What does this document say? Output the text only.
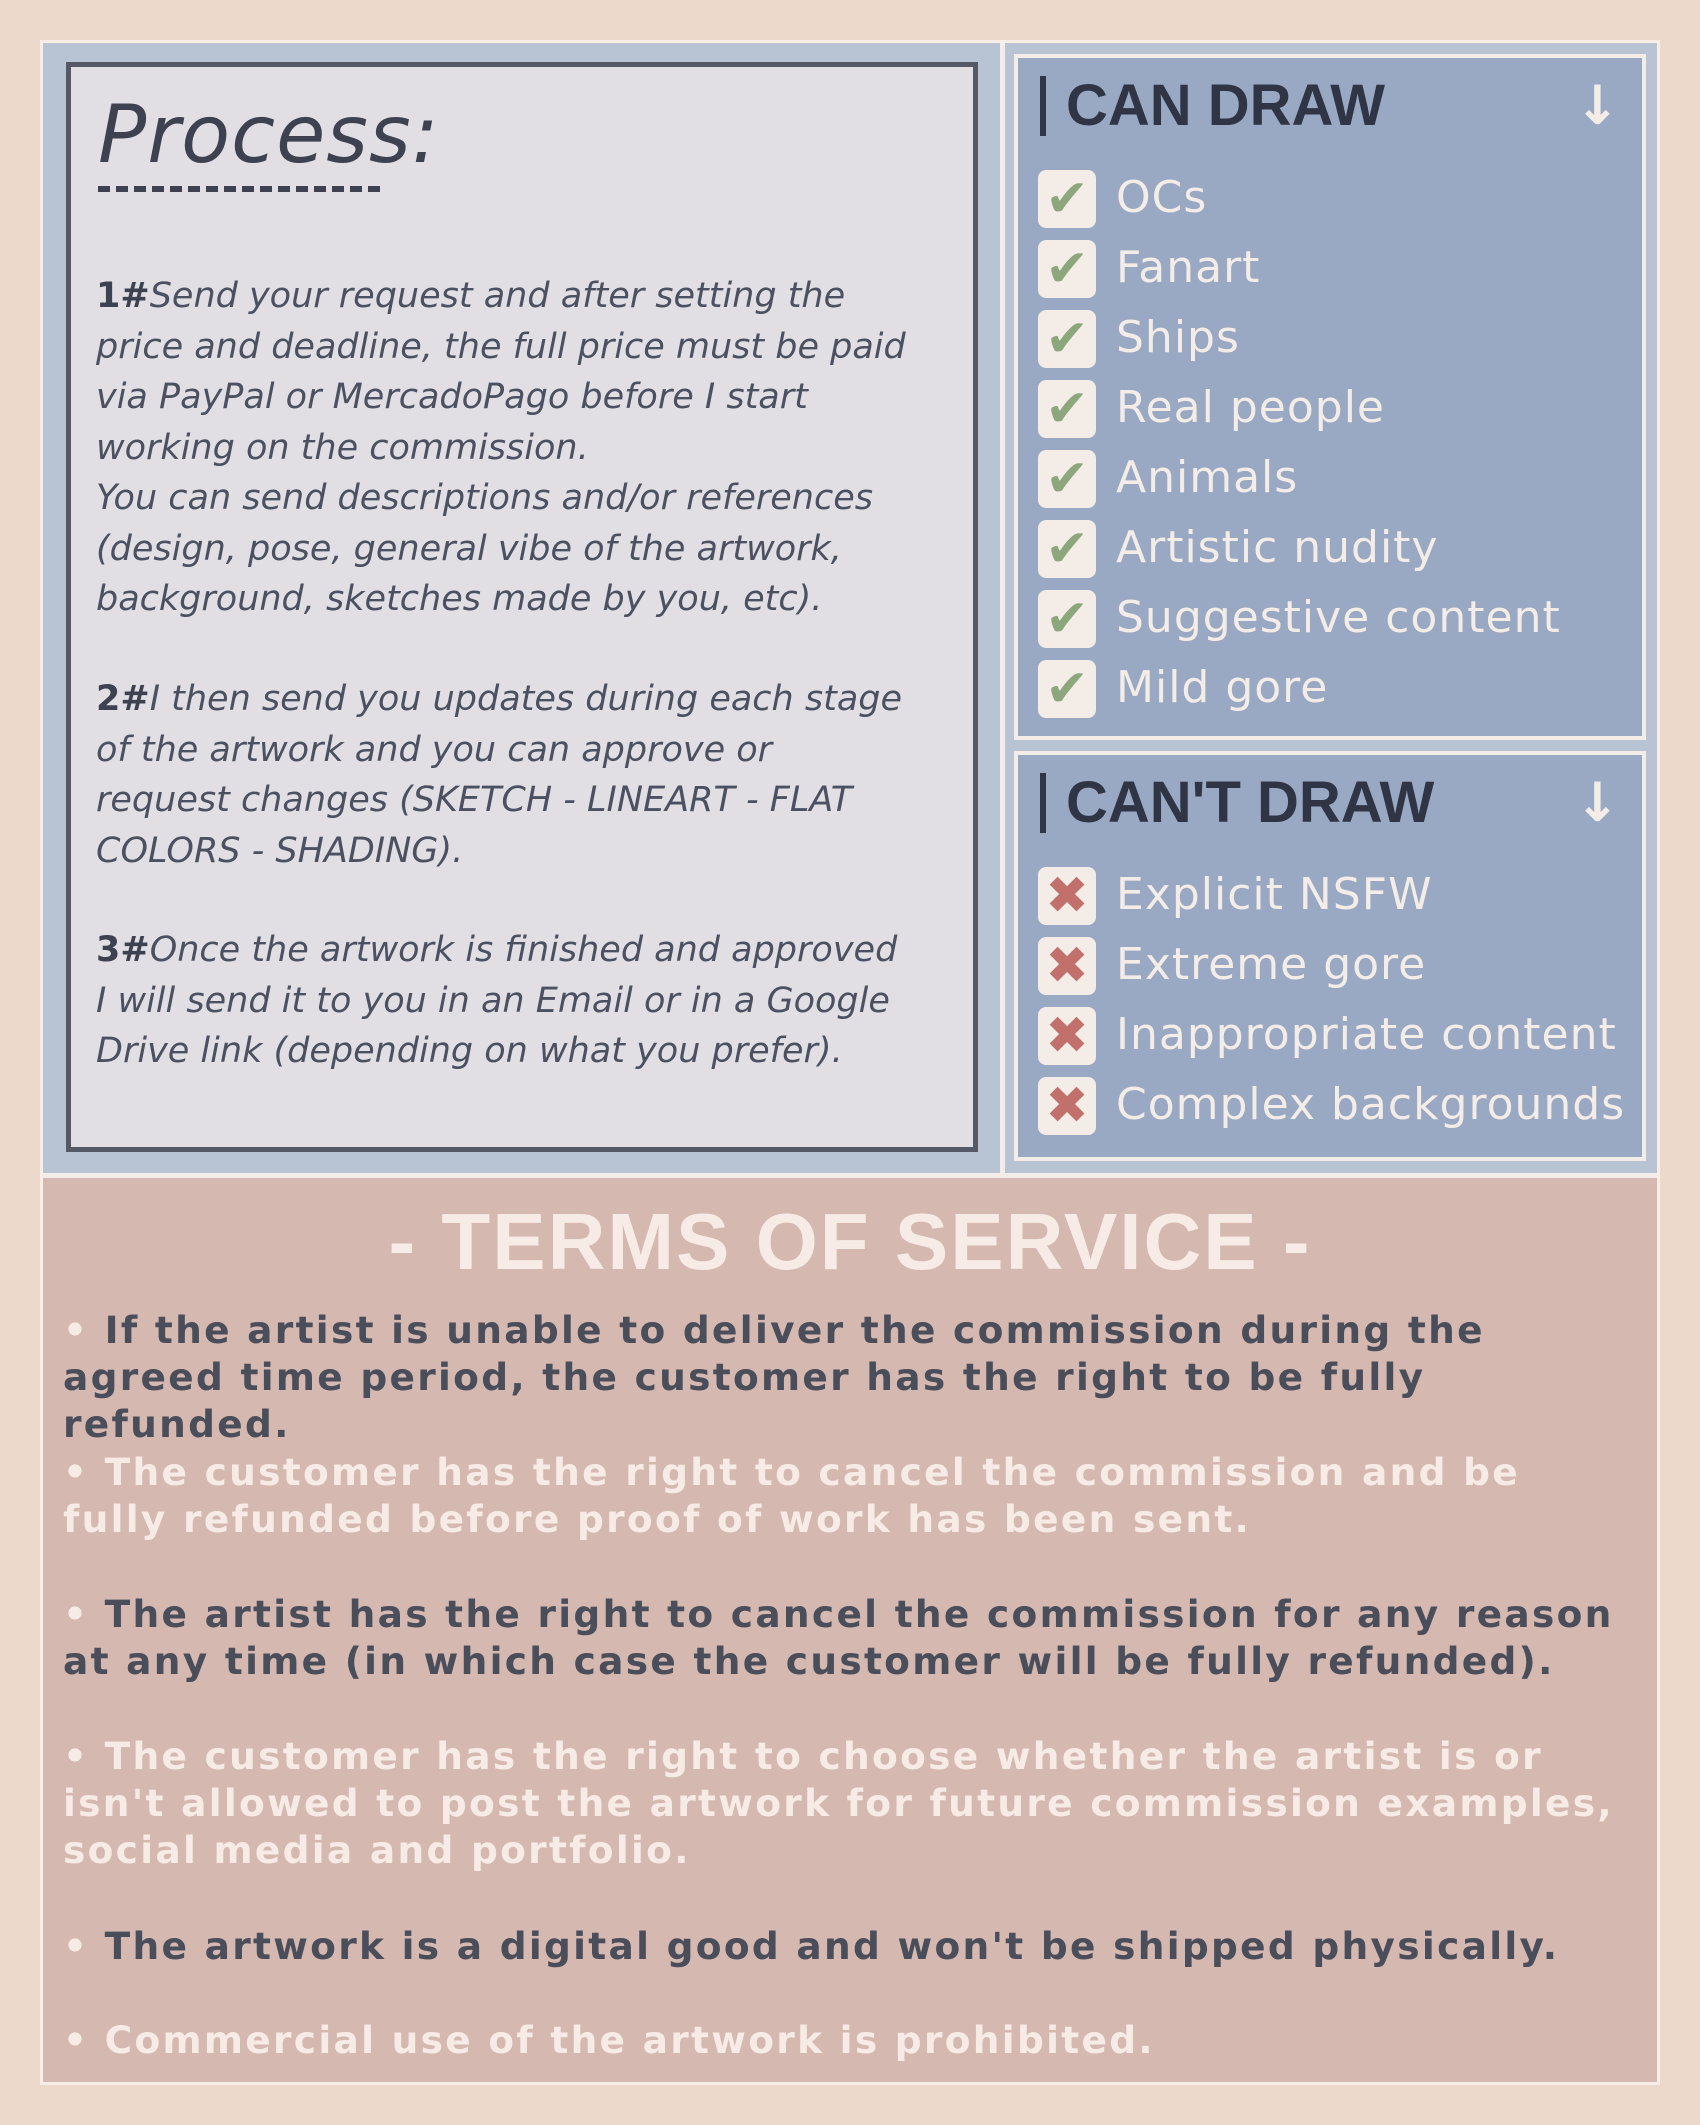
Process:
1#Send your request and after setting the
price and deadline, the full price must be paid
via PayPal or MercadoPago before I start
working on the commission.
You can send descriptions and/or references
(design, pose, general vibe of the artwork,
background, sketches made by you, etc).
2#I then send you updates during each stage
of the artwork and you can approve or
request changes (SKETCH - LINEART - FLAT
COLORS - SHADING).
3#Once the artwork is finished and approved
I will send it to you in an Email or in a Google
Drive link (depending on what you prefer).
CAN DRAW	↓
✔ OCs
✔ Fanart
✔ Ships
✔ Real people
✔ Animals
✔ Artistic nudity
✔ Suggestive content
✔ Mild gore
CAN'T DRAW	↓
✖ Explicit NSFW
✖ Extreme gore
✖ Inappropriate content
✖ Complex backgrounds
- TERMS OF SERVICE -
• If the artist is unable to deliver the commission during the agreed time period, the customer has the right to be fully refunded.
• The customer has the right to cancel the commission and be fully refunded before proof of work has been sent.
• The artist has the right to cancel the commission for any reason at any time (in which case the customer will be fully refunded).
• The customer has the right to choose whether the artist is or isn't allowed to post the artwork for future commission examples, social media and portfolio.
• The artwork is a digital good and won't be shipped physically.
• Commercial use of the artwork is prohibited.
